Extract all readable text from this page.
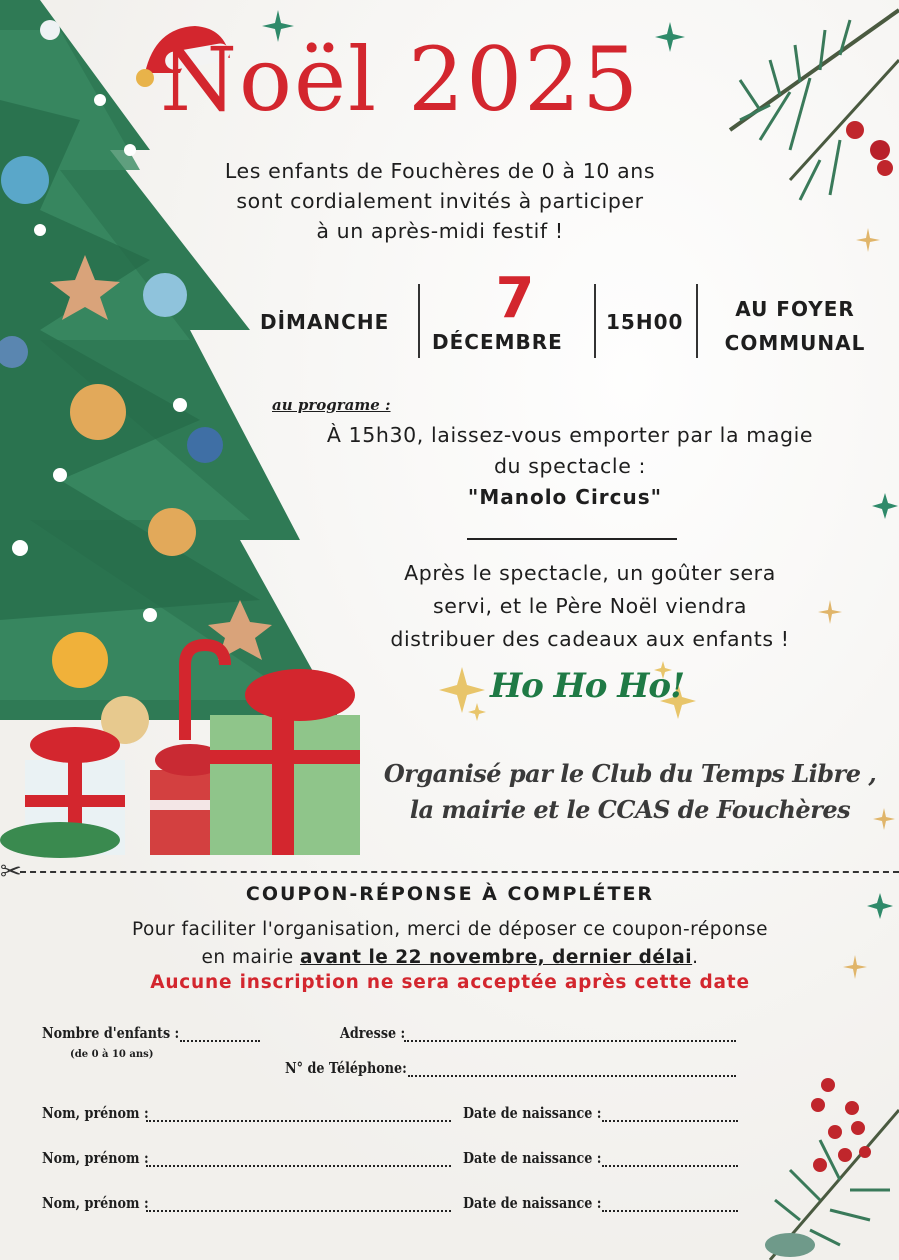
Noël 2025
Les enfants de Fouchères de 0 à 10 ans
sont cordialement invités à participer
à un après-midi festif !
DİMANCHE	7
DÉCEMBRE
15H00
AU FOYER
COMMUNAL
au programe :
À 15h30, laissez-vous emporter par la magie
du spectacle :
"Manolo Circus"
Après le spectacle, un goûter sera
servi, et le Père Noël viendra
distribuer des cadeaux aux enfants !
Ho Ho Ho!
Organisé par le Club du Temps Libre ,
la mairie et le CCAS de Fouchères
✂
COUPON-RÉPONSE À COMPLÉTER
Pour faciliter l'organisation, merci de déposer ce coupon-réponse
en mairie avant le 22 novembre, dernier délai.
Aucune inscription ne sera acceptée après cette date
Nombre d'enfants :
(de 0 à 10 ans)
Adresse :
N° de Téléphone:
Nom, prénom :	Date de naissance :
Nom, prénom :	Date de naissance :
Nom, prénom :	Date de naissance :
